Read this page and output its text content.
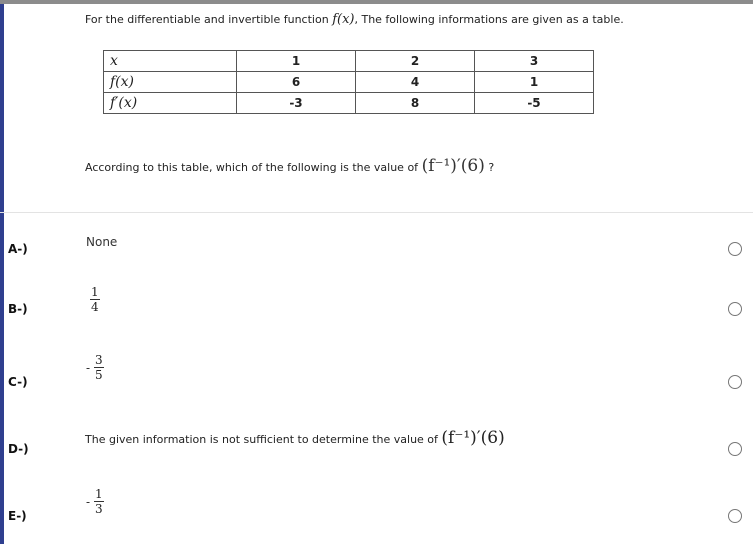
For the differentiable and invertible function f(x), The following informations are given as a table.
x	1	2	3
f(x)	6	4	1
f′(x)	-3	8	-5
According to this table, which of the following is the value of (f⁻¹)′(6) ?
A-)	None
B-)	$\frac{1}{4}$
C-)
- $\frac{3}{5}$
D-)
The given information is not sufficient to determine the value of (f⁻¹)′(6)
E-)
- $\frac{1}{3}$
